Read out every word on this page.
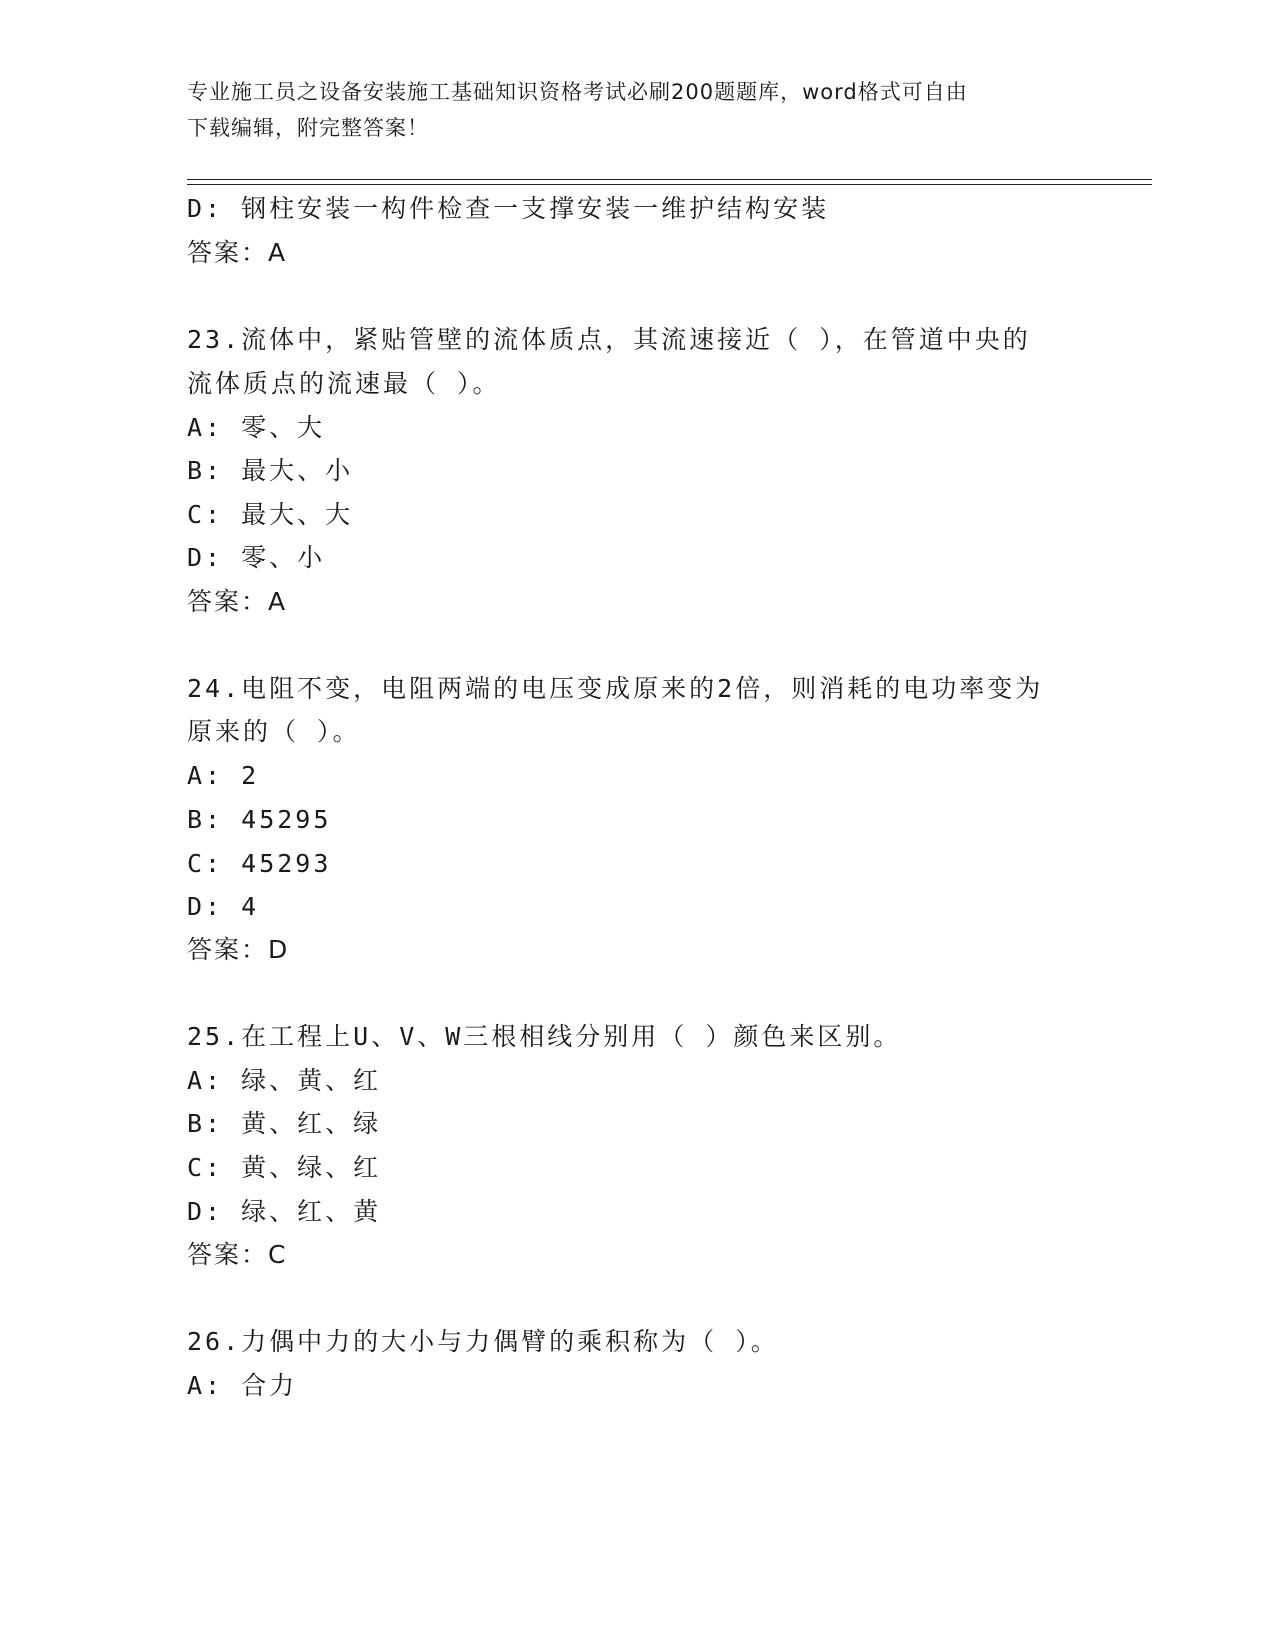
专业施工员之设备安装施工基础知识资格考试必刷200题题库，word格式可自由
下载编辑，附完整答案！
D: 钢柱安装一构件检查一支撑安装一维护结构安装
答案：A
23.流体中，紧贴管壁的流体质点，其流速接近（ ），在管道中央的
流体质点的流速最（ ）。
A: 零、大
B: 最大、小
C: 最大、大
D: 零、小
答案：A
24.电阻不变，电阻两端的电压变成原来的2倍，则消耗的电功率变为
原来的（ ）。
A: 2
B: 45295
C: 45293
D: 4
答案：D
25.在工程上U、V、W三根相线分别用（ ）颜色来区别。
A: 绿、黄、红
B: 黄、红、绿
C: 黄、绿、红
D: 绿、红、黄
答案：C
26.力偶中力的大小与力偶臂的乘积称为（ ）。
A: 合力
